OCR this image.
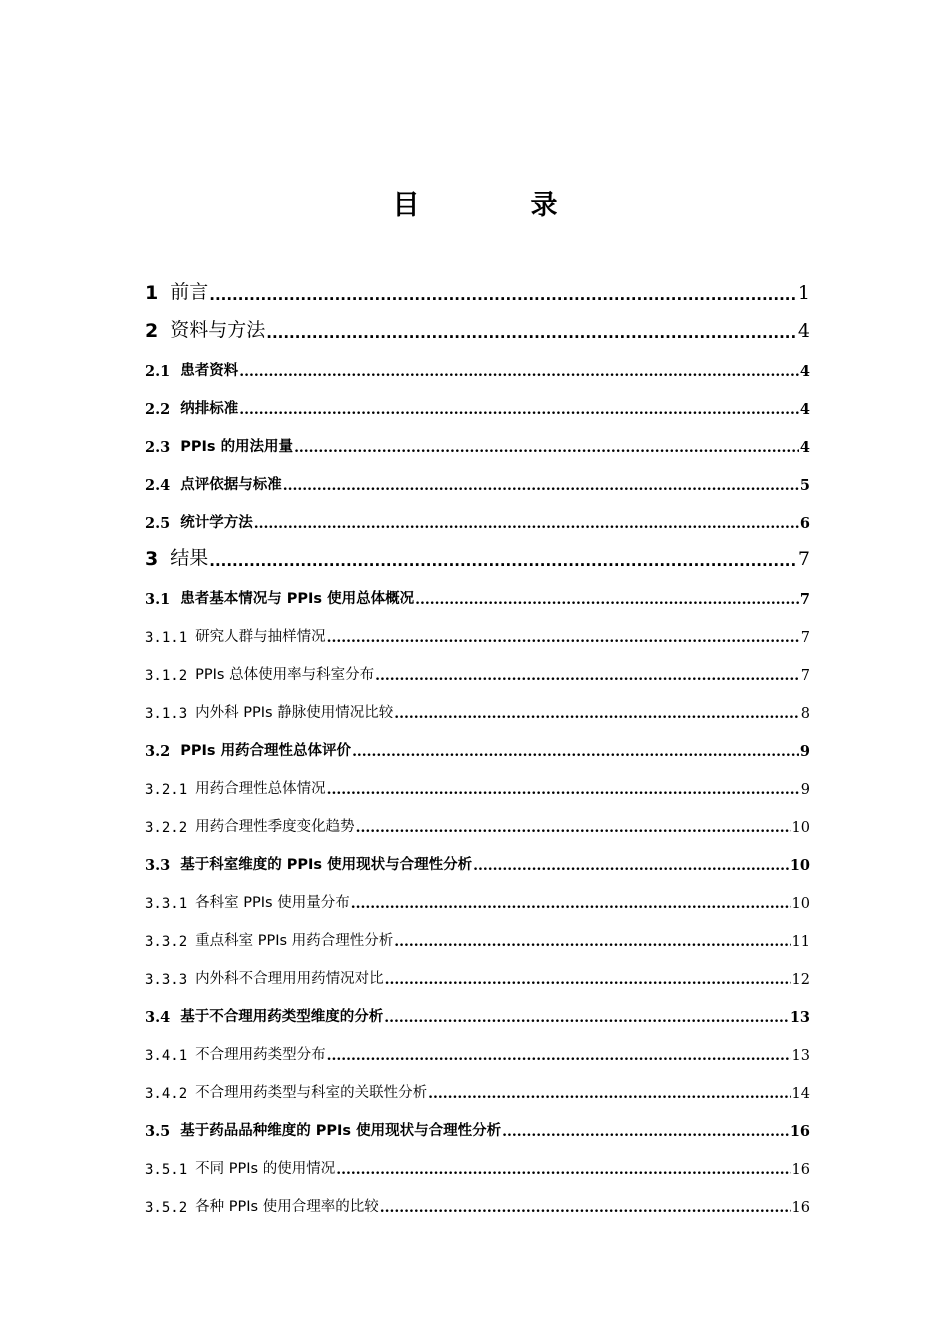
目　录
1 前言 .....	1
2 资料与方法 .....	4
2.1 患者资料 .....	4
2.2 纳排标准 .....	4
2.3 PPIs 的用法用量 .....	4
2.4 点评依据与标准 .....	5
2.5 统计学方法 .....	6
3 结果 .....	7
3.1 患者基本情况与 PPIs 使用总体概况 .....	7
3.1.1 研究人群与抽样情况 .....	7
3.1.2 PPIs 总体使用率与科室分布 .....	7
3.1.3 内外科 PPIs 静脉使用情况比较 .....	8
3.2 PPIs 用药合理性总体评价 .....	9
3.2.1 用药合理性总体情况 .....	9
3.2.2 用药合理性季度变化趋势 .....	10
3.3 基于科室维度的 PPIs 使用现状与合理性分析 .....	10
3.3.1 各科室 PPIs 使用量分布 .....	10
3.3.2 重点科室 PPIs 用药合理性分析 .....	11
3.3.3 内外科不合理用用药情况对比 .....	12
3.4 基于不合理用药类型维度的分析 .....	13
3.4.1 不合理用药类型分布 .....	13
3.4.2 不合理用药类型与科室的关联性分析 .....	14
3.5 基于药品品种维度的 PPIs 使用现状与合理性分析 .....	16
3.5.1 不同 PPIs 的使用情况 .....	16
3.5.2 各种 PPIs 使用合理率的比较 .....	16
